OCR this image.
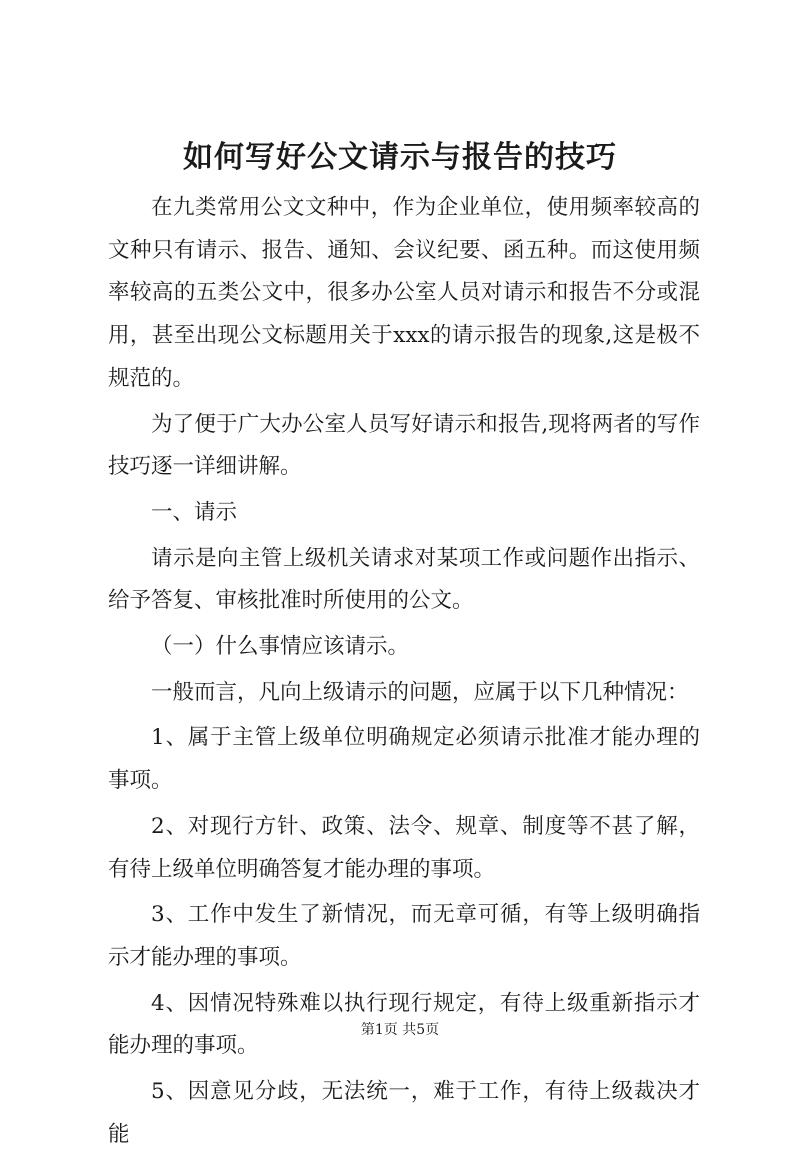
如何写好公文请示与报告的技巧

在九类常用公文文种中，作为企业单位，使用频率较高的文种只有请示、报告、通知、会议纪要、函五种。而这使用频率较高的五类公文中，很多办公室人员对请示和报告不分或混用，甚至出现公文标题用关于xxx的请示报告的现象,这是极不规范的。

为了便于广大办公室人员写好请示和报告,现将两者的写作技巧逐一详细讲解。

一、请示

请示是向主管上级机关请求对某项工作或问题作出指示、给予答复、审核批准时所使用的公文。

（一）什么事情应该请示。

一般而言，凡向上级请示的问题，应属于以下几种情况：

1、属于主管上级单位明确规定必须请示批准才能办理的事项。

2、对现行方针、政策、法令、规章、制度等不甚了解，有待上级单位明确答复才能办理的事项。

3、工作中发生了新情况，而无章可循，有等上级明确指示才能办理的事项。

4、因情况特殊难以执行现行规定，有待上级重新指示才能办理的事项。

5、因意见分歧，无法统一，难于工作，有待上级裁决才能

第1页 共5页
